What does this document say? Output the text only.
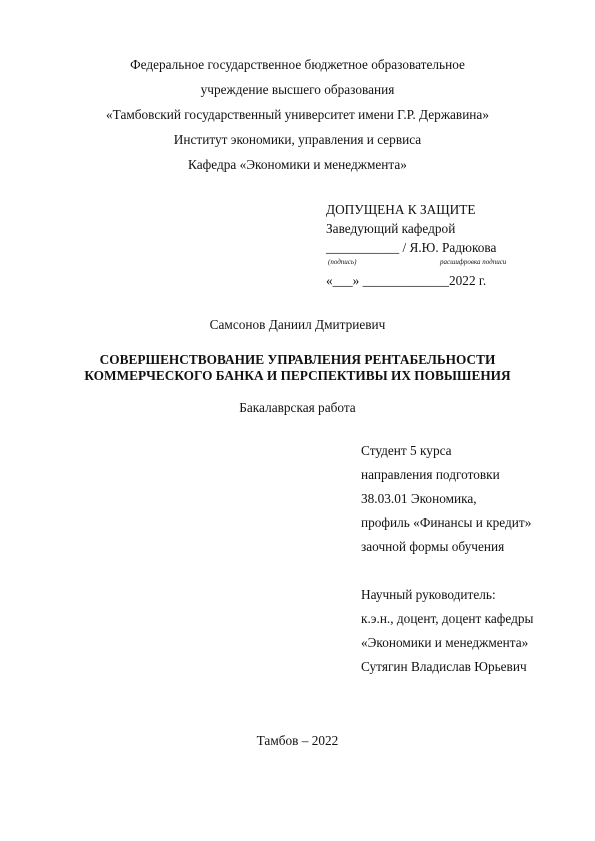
Федеральное государственное бюджетное образовательное
учреждение высшего образования
«Тамбовский государственный университет имени Г.Р. Державина»
Институт экономики, управления и сервиса
Кафедра «Экономики и менеджмента»
ДОПУЩЕНА К ЗАЩИТЕ
Заведующий кафедрой
___________ / Я.Ю. Радюкова
(подпись)	расшифровка подписи
«___» _____________2022 г.
Самсонов Даниил Дмитриевич
СОВЕРШЕНСТВОВАНИЕ УПРАВЛЕНИЯ РЕНТАБЕЛЬНОСТИ
КОММЕРЧЕСКОГО БАНКА И ПЕРСПЕКТИВЫ ИХ ПОВЫШЕНИЯ
Бакалаврская работа
Студент 5 курса
направления подготовки
38.03.01 Экономика,
профиль «Финансы и кредит»
заочной формы обучения
Научный руководитель:
к.э.н., доцент, доцент кафедры
«Экономики и менеджмента»
Сутягин Владислав Юрьевич
Тамбов – 2022
